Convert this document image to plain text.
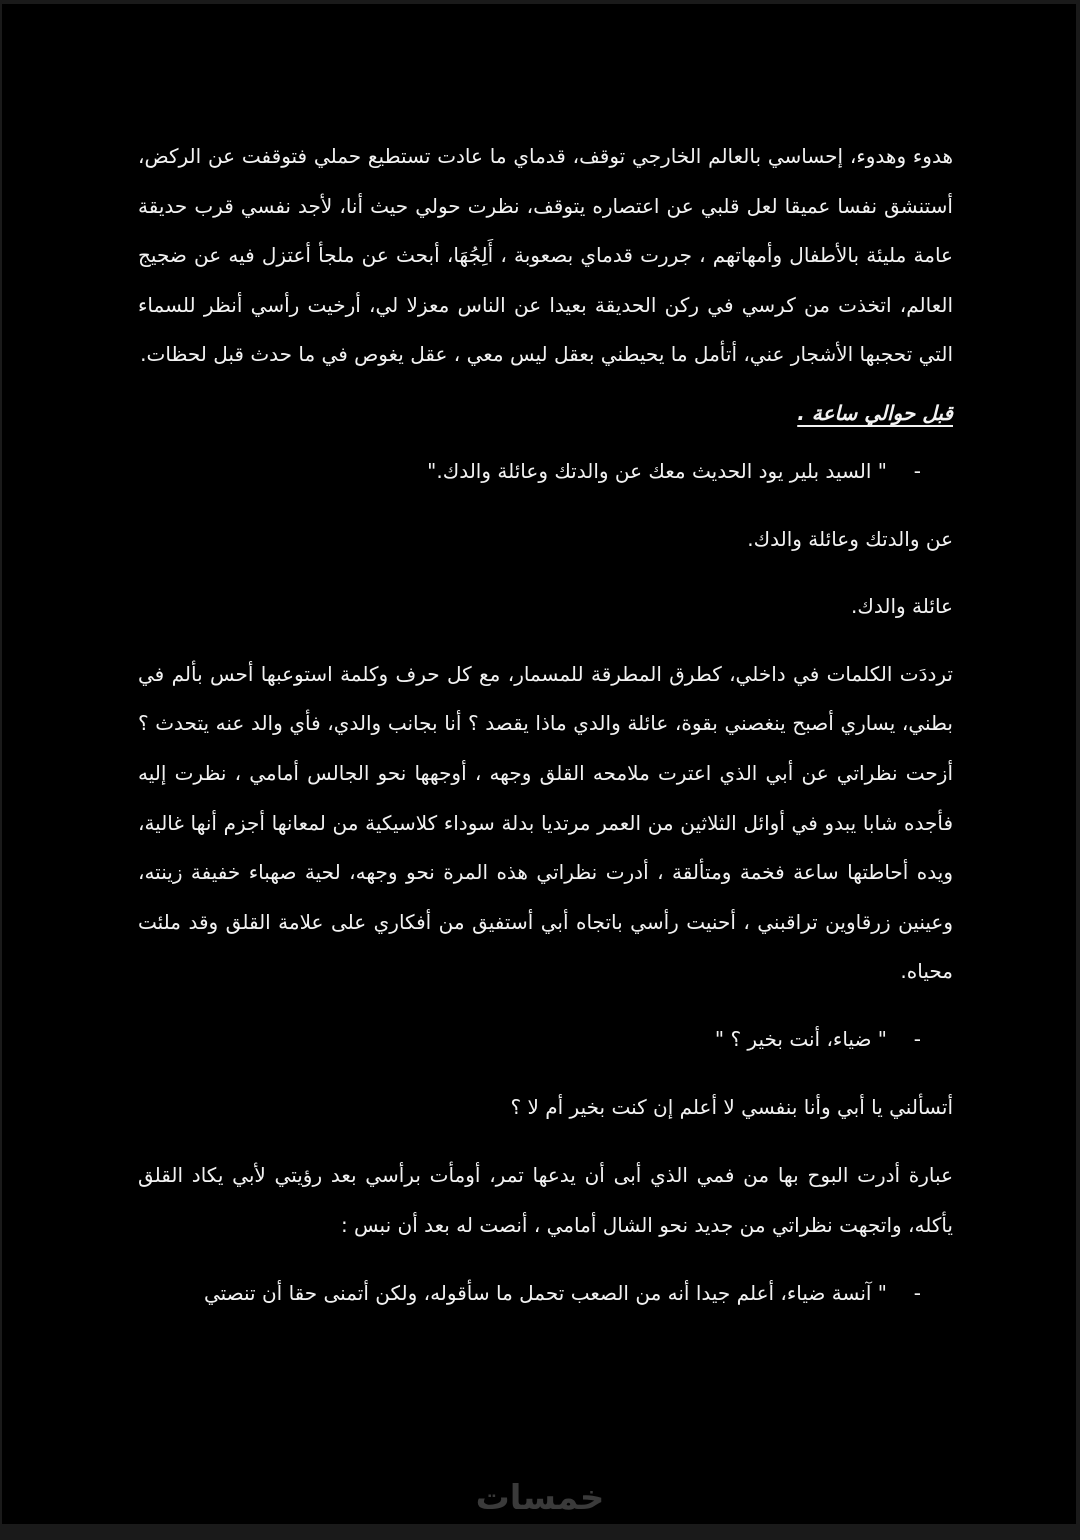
هدوء وهدوء، إحساسي بالعالم الخارجي توقف، قدماي ما عادت تستطيع حملي فتوقفت عن الركض، أستنشق نفسا عميقا لعل قلبي عن اعتصاره يتوقف، نظرت حولي حيث أنا، لأجد نفسي قرب حديقة عامة مليئة بالأطفال وأمهاتهم ، جررت قدماي بصعوبة ، أَلِجُهَا، أبحث عن ملجأ أعتزل فيه عن ضجيج العالم، اتخذت من كرسي في ركن الحديقة بعيدا عن الناس معزلا لي، أرخيت رأسي أنظر للسماء التي تحجبها الأشجار عني، أتأمل ما يحيطني بعقل ليس معي ، عقل يغوص في ما حدث قبل لحظات.

قبل حوالي ساعة .

-
" السيد بلير يود الحديث معك عن والدتك وعائلة والدك."

عن والدتك وعائلة والدك.

عائلة والدك.

ترددَت الكلمات في داخلي، كطرق المطرقة للمسمار، مع كل حرف وكلمة استوعبها أحس بألم في بطني، يساري أصبح ينغصني بقوة، عائلة والدي ماذا يقصد ؟ أنا بجانب والدي، فأي والد عنه يتحدث ؟ أزحت نظراتي عن أبي الذي اعترت ملامحه القلق وجهه ، أوجهها نحو الجالس أمامي ، نظرت إليه فأجده شابا يبدو في أوائل الثلاثين من العمر مرتديا بدلة سوداء كلاسيكية من لمعانها أجزم أنها غالية، ويده أحاطتها ساعة فخمة ومتألقة ، أدرت نظراتي هذه المرة نحو وجهه، لحية صهباء خفيفة زينته، وعينين زرقاوين تراقبني ، أحنيت رأسي باتجاه أبي أستفيق من أفكاري على علامة القلق وقد ملئت محياه.

-
" ضياء، أنت بخير ؟ "

أتسألني يا أبي وأنا بنفسي لا أعلم إن كنت بخير أم لا ؟

عبارة أدرت البوح بها من فمي الذي أبى أن يدعها تمر، أومأت برأسي بعد رؤيتي لأبي يكاد القلق يأكله، واتجهت نظراتي من جديد نحو الشال أمامي ، أنصت له بعد أن نبس :

-
" آنسة ضياء، أعلم جيدا أنه من الصعب تحمل ما سأقوله، ولكن أتمنى حقا أن تنصتي

خمسات
